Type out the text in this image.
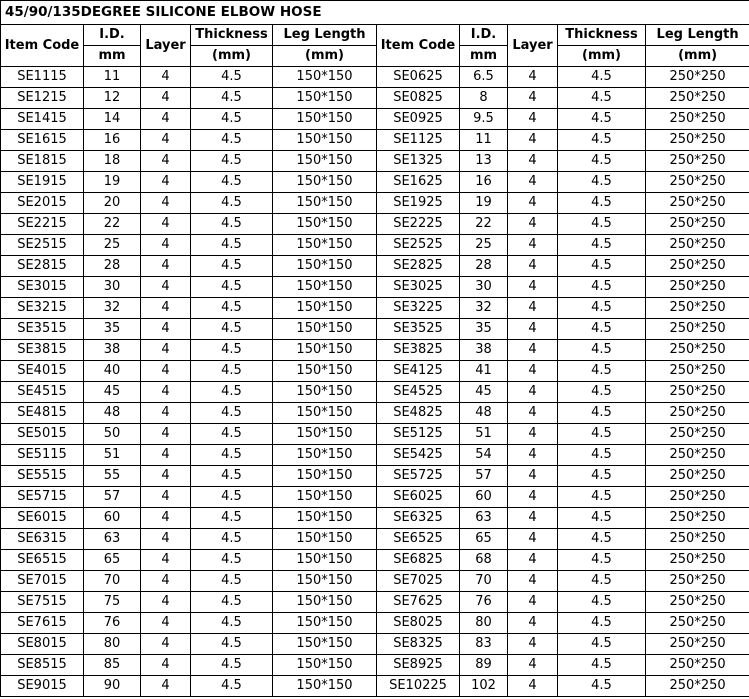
45/90/135DEGREE SILICONE ELBOW HOSE									
Item Code	I.D.	Layer	Thickness	Leg Length	Item Code	I.D.	Layer	Thickness	Leg Length
	mm		(mm)	(mm)		mm		(mm)	(mm)
SE1115	11	4	4.5	150*150	SE0625	6.5	4	4.5	250*250
SE1215	12	4	4.5	150*150	SE0825	8	4	4.5	250*250
SE1415	14	4	4.5	150*150	SE0925	9.5	4	4.5	250*250
SE1615	16	4	4.5	150*150	SE1125	11	4	4.5	250*250
SE1815	18	4	4.5	150*150	SE1325	13	4	4.5	250*250
SE1915	19	4	4.5	150*150	SE1625	16	4	4.5	250*250
SE2015	20	4	4.5	150*150	SE1925	19	4	4.5	250*250
SE2215	22	4	4.5	150*150	SE2225	22	4	4.5	250*250
SE2515	25	4	4.5	150*150	SE2525	25	4	4.5	250*250
SE2815	28	4	4.5	150*150	SE2825	28	4	4.5	250*250
SE3015	30	4	4.5	150*150	SE3025	30	4	4.5	250*250
SE3215	32	4	4.5	150*150	SE3225	32	4	4.5	250*250
SE3515	35	4	4.5	150*150	SE3525	35	4	4.5	250*250
SE3815	38	4	4.5	150*150	SE3825	38	4	4.5	250*250
SE4015	40	4	4.5	150*150	SE4125	41	4	4.5	250*250
SE4515	45	4	4.5	150*150	SE4525	45	4	4.5	250*250
SE4815	48	4	4.5	150*150	SE4825	48	4	4.5	250*250
SE5015	50	4	4.5	150*150	SE5125	51	4	4.5	250*250
SE5115	51	4	4.5	150*150	SE5425	54	4	4.5	250*250
SE5515	55	4	4.5	150*150	SE5725	57	4	4.5	250*250
SE5715	57	4	4.5	150*150	SE6025	60	4	4.5	250*250
SE6015	60	4	4.5	150*150	SE6325	63	4	4.5	250*250
SE6315	63	4	4.5	150*150	SE6525	65	4	4.5	250*250
SE6515	65	4	4.5	150*150	SE6825	68	4	4.5	250*250
SE7015	70	4	4.5	150*150	SE7025	70	4	4.5	250*250
SE7515	75	4	4.5	150*150	SE7625	76	4	4.5	250*250
SE7615	76	4	4.5	150*150	SE8025	80	4	4.5	250*250
SE8015	80	4	4.5	150*150	SE8325	83	4	4.5	250*250
SE8515	85	4	4.5	150*150	SE8925	89	4	4.5	250*250
SE9015	90	4	4.5	150*150	SE10225	102	4	4.5	250*250
